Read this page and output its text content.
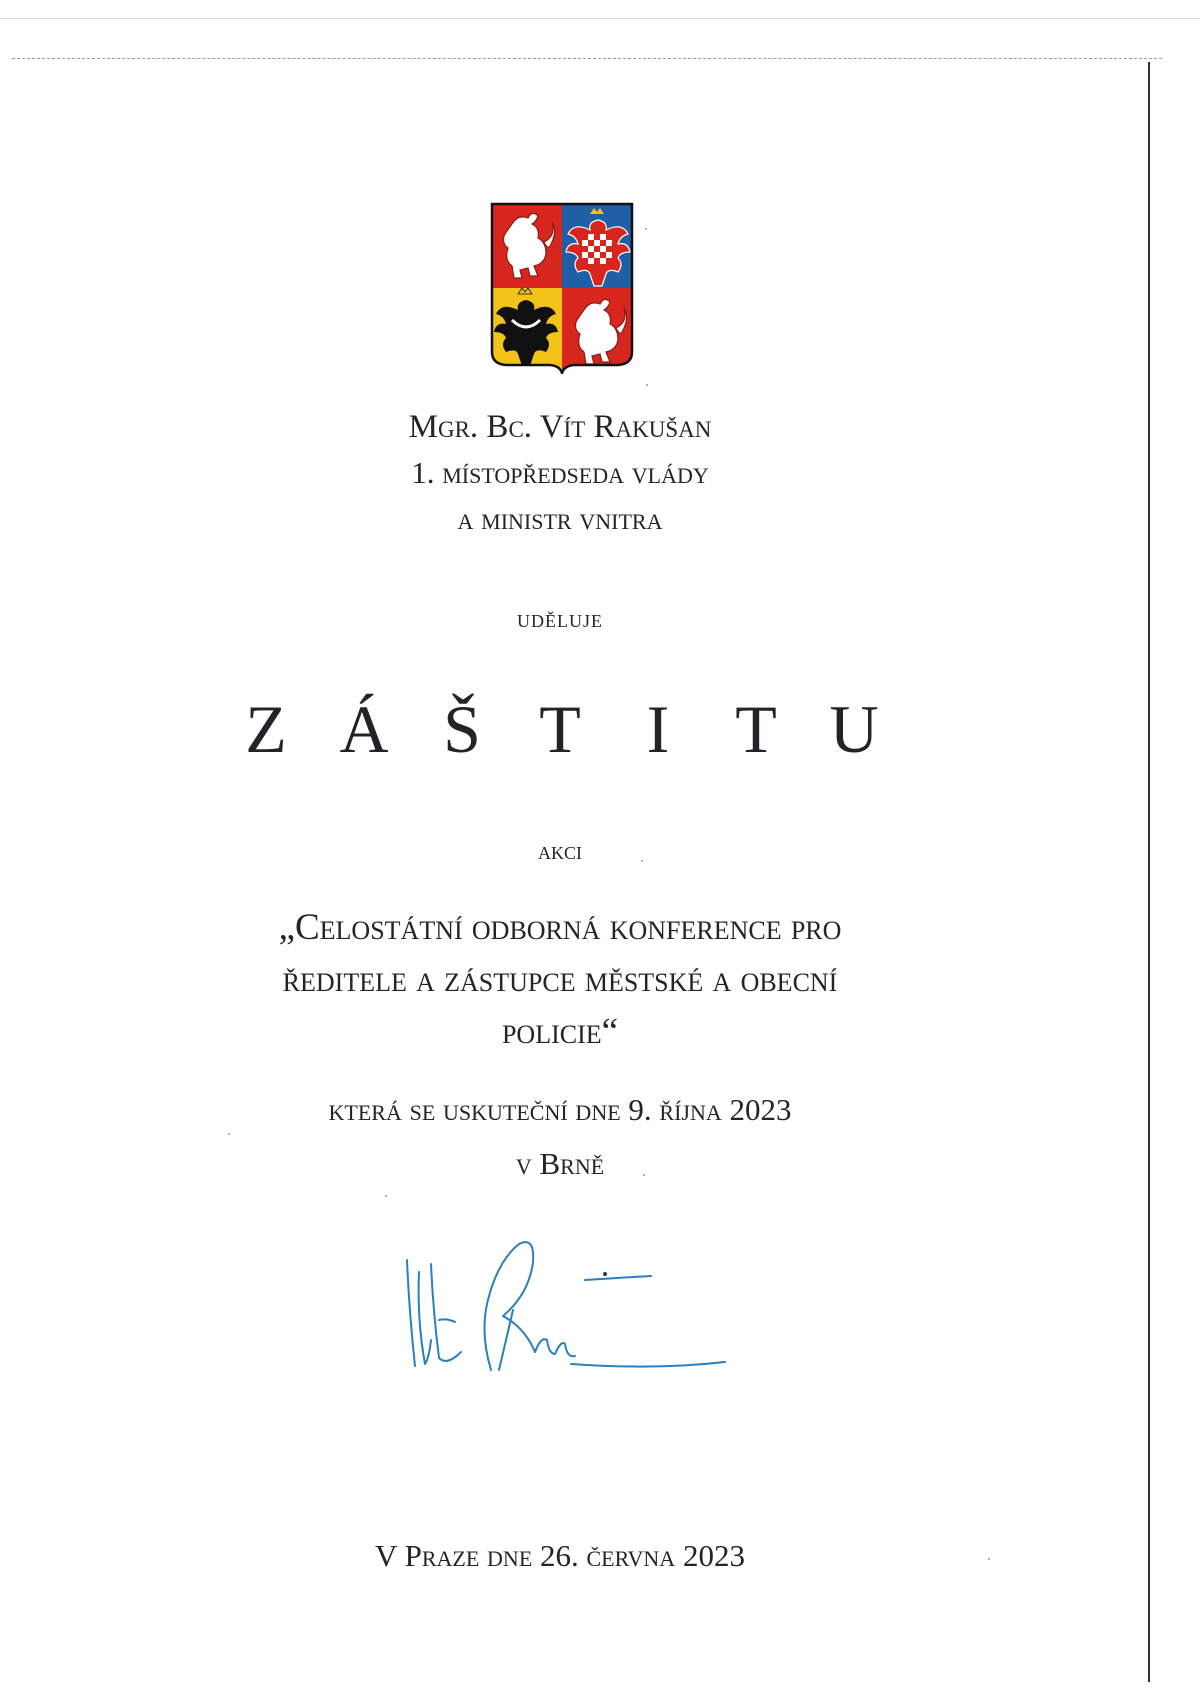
Mgr. Bc. Vít Rakušan
1. místopředseda vlády
a ministr vnitra
uděluje
Z Á Š T I T U
akci
„Celostátní odborná konference pro
ředitele a zástupce městské a obecní
policie“
která se uskuteční dne 9. října 2023
v Brně
V Praze dne 26. června 2023
